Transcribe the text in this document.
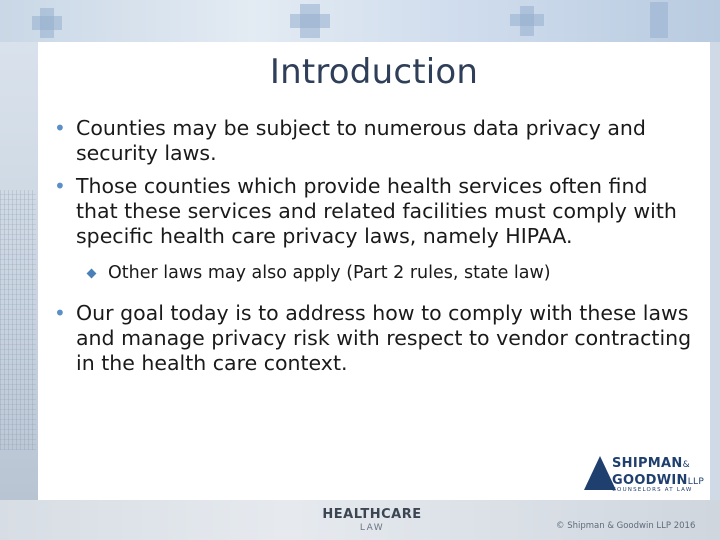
Introduction
• Counties may be subject to numerous data privacy and security laws.
• Those counties which provide health services often find that these services and related facilities must comply with specific health care privacy laws, namely HIPAA.
Other laws may also apply (Part 2 rules, state law)
• Our goal today is to address how to comply with these laws and manage privacy risk with respect to vendor contracting in the health care context.
SHIPMAN&
GOODWINLLP
COUNSELORS AT LAW
HEALTHCARE
LAW	© Shipman & Goodwin LLP 2016
